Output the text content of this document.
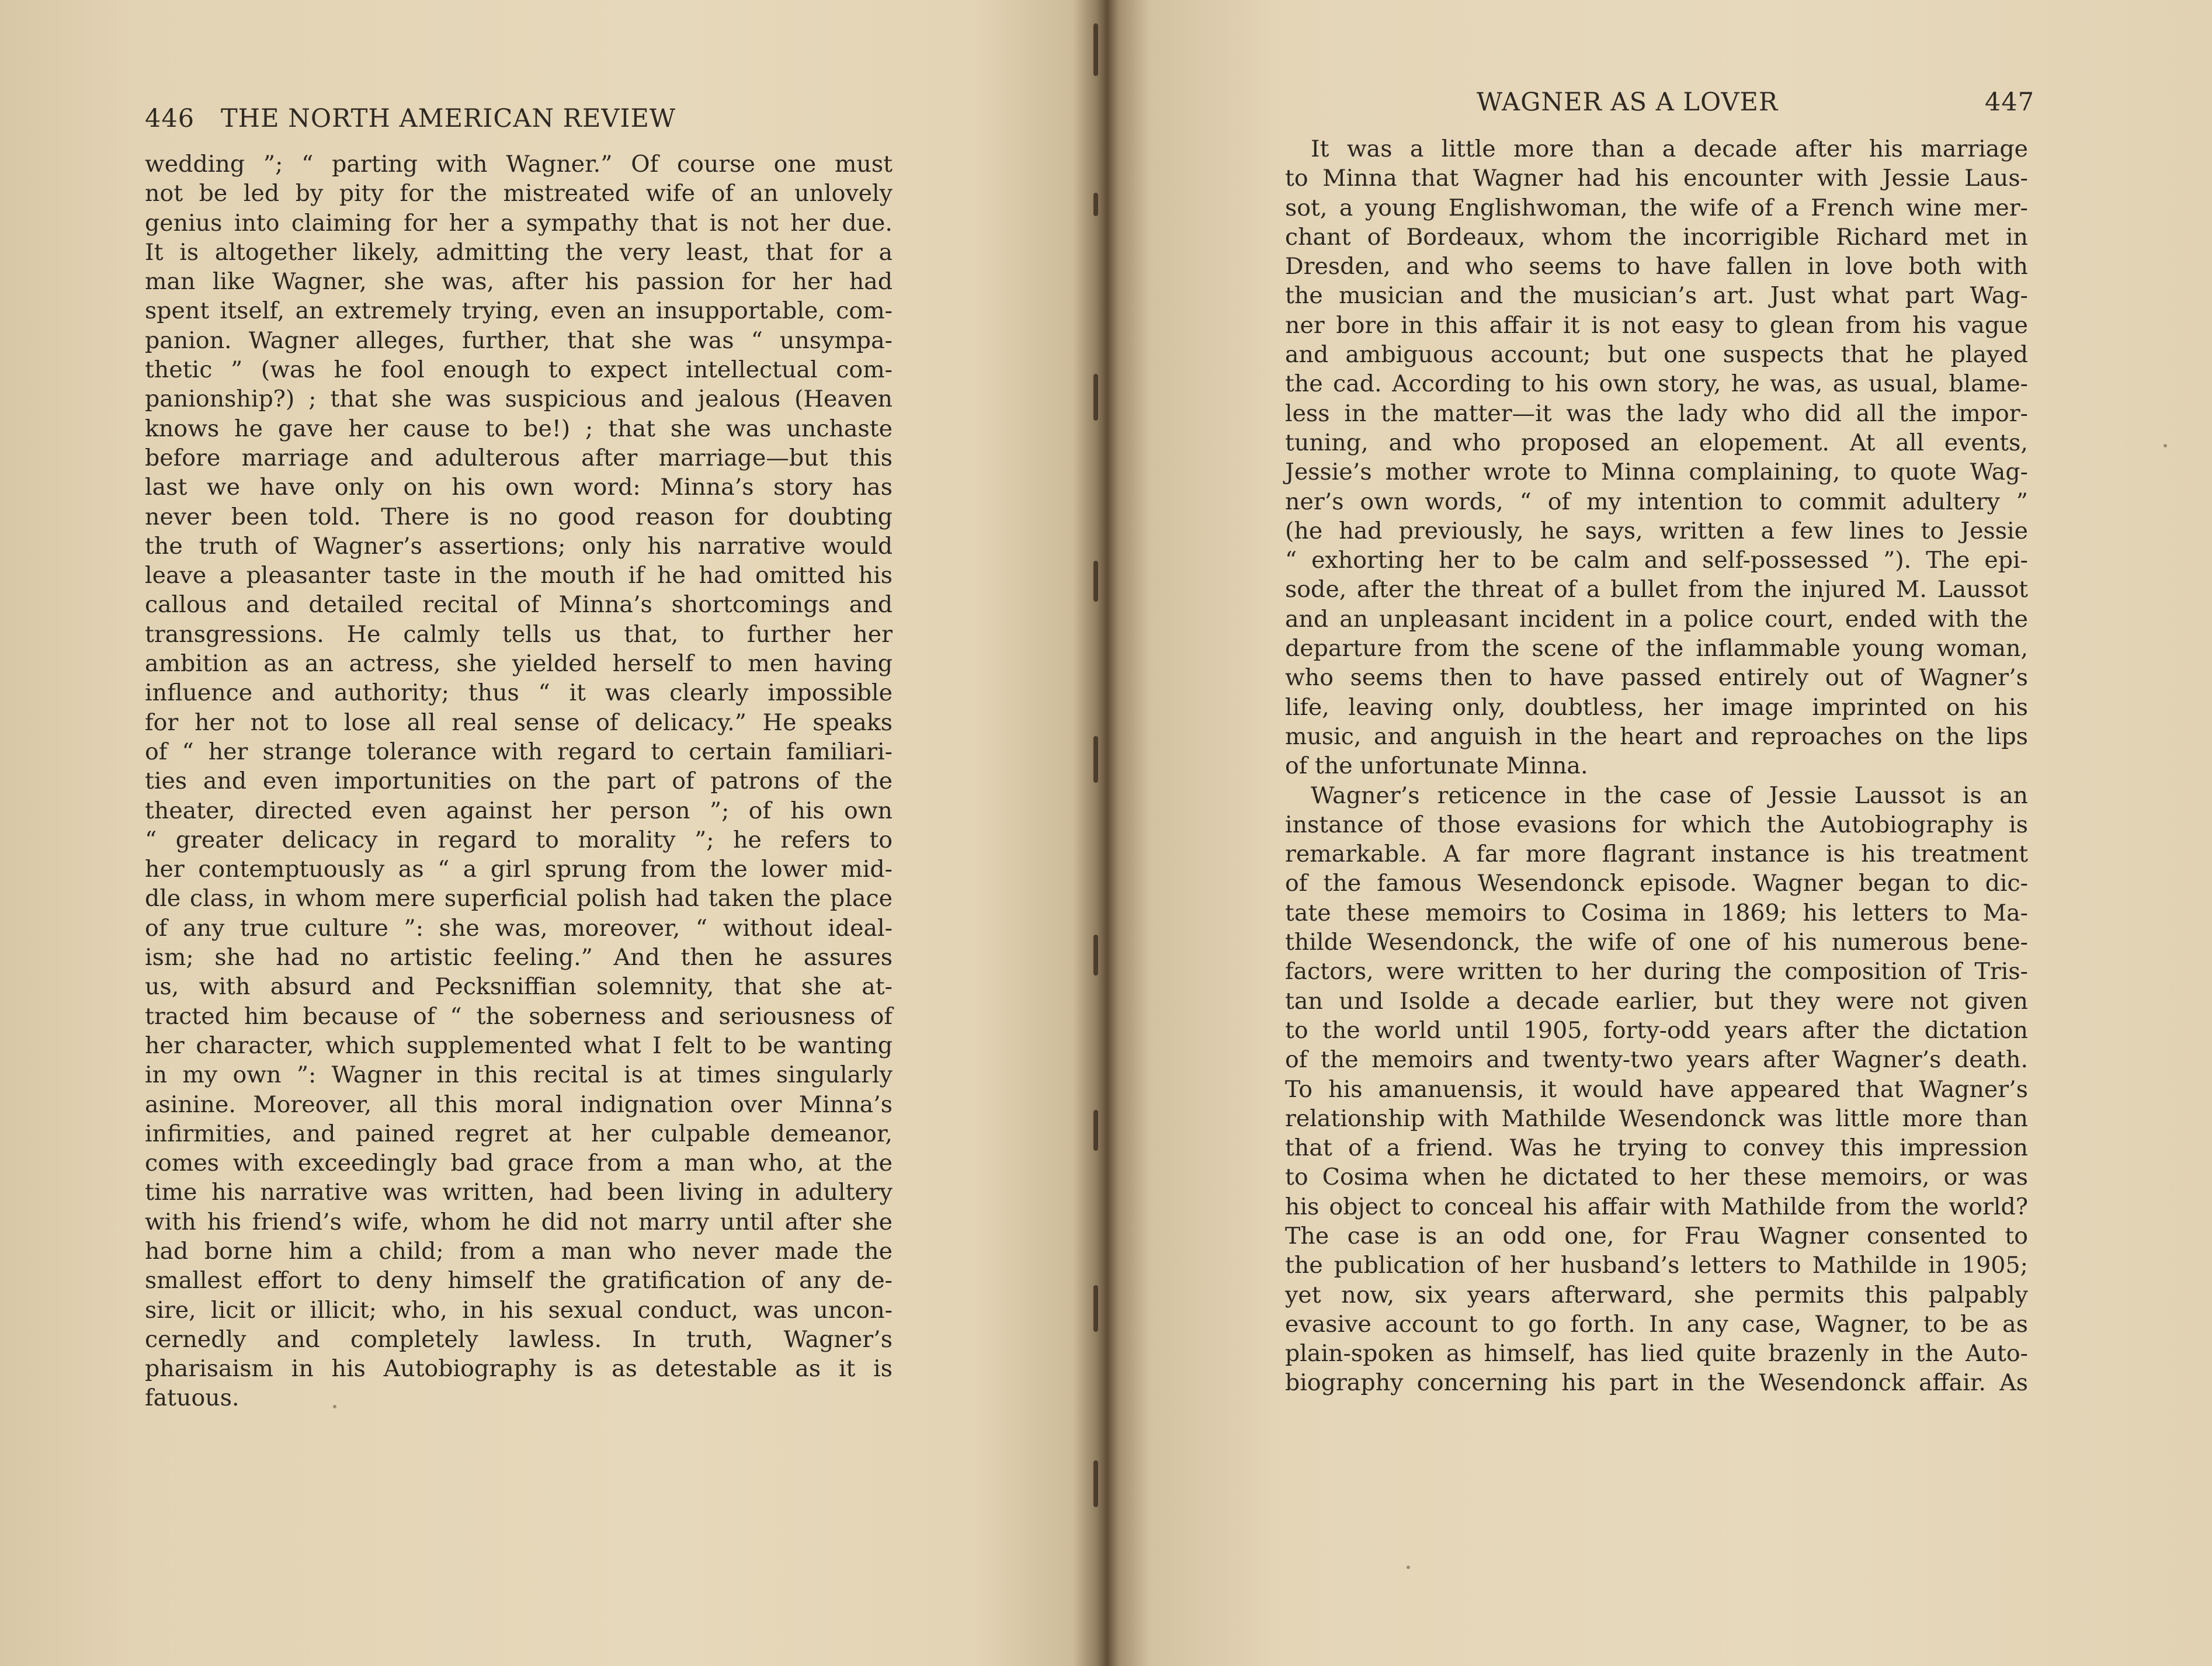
446 THE NORTH AMERICAN REVIEW
WAGNER AS A LOVER	447
wedding ”; “ parting with Wagner.” Of course one must
not be led by pity for the mistreated wife of an unlovely
genius into claiming for her a sympathy that is not her due.
It is altogether likely, admitting the very least, that for a
man like Wagner, she was, after his passion for her had
spent itself, an extremely trying, even an insupportable, com-
panion. Wagner alleges, further, that she was “ unsympa-
thetic ” (was he fool enough to expect intellectual com-
panionship?) ; that she was suspicious and jealous (Heaven
knows he gave her cause to be!) ; that she was unchaste
before marriage and adulterous after marriage—but this
last we have only on his own word: Minna’s story has
never been told. There is no good reason for doubting
the truth of Wagner’s assertions; only his narrative would
leave a pleasanter taste in the mouth if he had omitted his
callous and detailed recital of Minna’s shortcomings and
transgressions. He calmly tells us that, to further her
ambition as an actress, she yielded herself to men having
influence and authority; thus “ it was clearly impossible
for her not to lose all real sense of delicacy.” He speaks
of “ her strange tolerance with regard to certain familiari-
ties and even importunities on the part of patrons of the
theater, directed even against her person ”; of his own
“ greater delicacy in regard to morality ”; he refers to
her contemptuously as “ a girl sprung from the lower mid-
dle class, in whom mere superficial polish had taken the place
of any true culture ”: she was, moreover, “ without ideal-
ism; she had no artistic feeling.” And then he assures
us, with absurd and Pecksniffian solemnity, that she at-
tracted him because of “ the soberness and seriousness of
her character, which supplemented what I felt to be wanting
in my own ”: Wagner in this recital is at times singularly
asinine. Moreover, all this moral indignation over Minna’s
infirmities, and pained regret at her culpable demeanor,
comes with exceedingly bad grace from a man who, at the
time his narrative was written, had been living in adultery
with his friend’s wife, whom he did not marry until after she
had borne him a child; from a man who never made the
smallest effort to deny himself the gratification of any de-
sire, licit or illicit; who, in his sexual conduct, was uncon-
cernedly and completely lawless. In truth, Wagner’s
pharisaism in his Autobiography is as detestable as it is
fatuous.
It was a little more than a decade after his marriage
to Minna that Wagner had his encounter with Jessie Laus-
sot, a young Englishwoman, the wife of a French wine mer-
chant of Bordeaux, whom the incorrigible Richard met in
Dresden, and who seems to have fallen in love both with
the musician and the musician’s art. Just what part Wag-
ner bore in this affair it is not easy to glean from his vague
and ambiguous account; but one suspects that he played
the cad. According to his own story, he was, as usual, blame-
less in the matter—it was the lady who did all the impor-
tuning, and who proposed an elopement. At all events,
Jessie’s mother wrote to Minna complaining, to quote Wag-
ner’s own words, “ of my intention to commit adultery ”
(he had previously, he says, written a few lines to Jessie
“ exhorting her to be calm and self-possessed ”). The epi-
sode, after the threat of a bullet from the injured M. Laussot
and an unpleasant incident in a police court, ended with the
departure from the scene of the inflammable young woman,
who seems then to have passed entirely out of Wagner’s
life, leaving only, doubtless, her image imprinted on his
music, and anguish in the heart and reproaches on the lips
of the unfortunate Minna.
Wagner’s reticence in the case of Jessie Laussot is an
instance of those evasions for which the Autobiography is
remarkable. A far more flagrant instance is his treatment
of the famous Wesendonck episode. Wagner began to dic-
tate these memoirs to Cosima in 1869; his letters to Ma-
thilde Wesendonck, the wife of one of his numerous bene-
factors, were written to her during the composition of Tris-
tan und Isolde a decade earlier, but they were not given
to the world until 1905, forty-odd years after the dictation
of the memoirs and twenty-two years after Wagner’s death.
To his amanuensis, it would have appeared that Wagner’s
relationship with Mathilde Wesendonck was little more than
that of a friend. Was he trying to convey this impression
to Cosima when he dictated to her these memoirs, or was
his object to conceal his affair with Mathilde from the world?
The case is an odd one, for Frau Wagner consented to
the publication of her husband’s letters to Mathilde in 1905;
yet now, six years afterward, she permits this palpably
evasive account to go forth. In any case, Wagner, to be as
plain-spoken as himself, has lied quite brazenly in the Auto-
biography concerning his part in the Wesendonck affair. As
